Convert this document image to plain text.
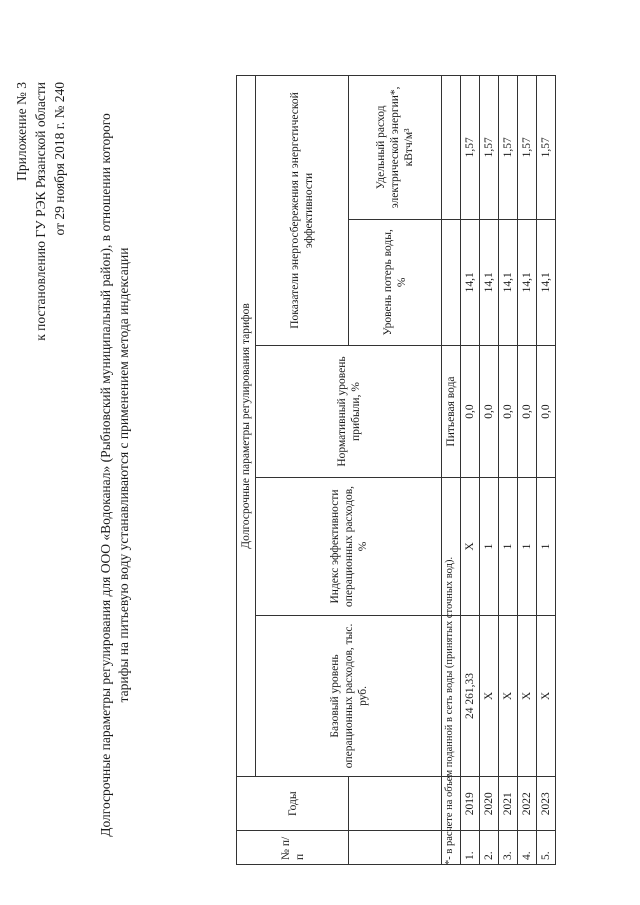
Приложение № 3 к постановлению ГУ РЭК Рязанской области от 29 ноября 2018 г. № 240 Долгосрочные параметры регулирования для ООО «Водоканал» (Рыбновский муниципальный район), в отношении которого тарифы на питьевую воду устанавливаются с применением метода индексации
№ п/п	Годы	Долгосрочные параметры регулирования тарифов				
		Базовый уровень операционных расходов, тыс. руб.	Индекс эффективности операционных расходов, %	Нормативный уровень прибыли, %	Показатели энергосбережения и энергетической эффективности	
					Уровень потерь воды, %	Удельный расход электрической энергии*, кВтч/м³
				Питьевая вода		
1.	2019	24 261,33	Х	0,0	14,1	1,57
2.	2020	Х	1	0,0	14,1	1,57
3.	2021	Х	1	0,0	14,1	1,57
4.	2022	Х	1	0,0	14,1	1,57
5.	2023	Х	1	0,0	14,1	1,57
*- в расчете на объем поданной в сеть воды (принятых сточных вод).
